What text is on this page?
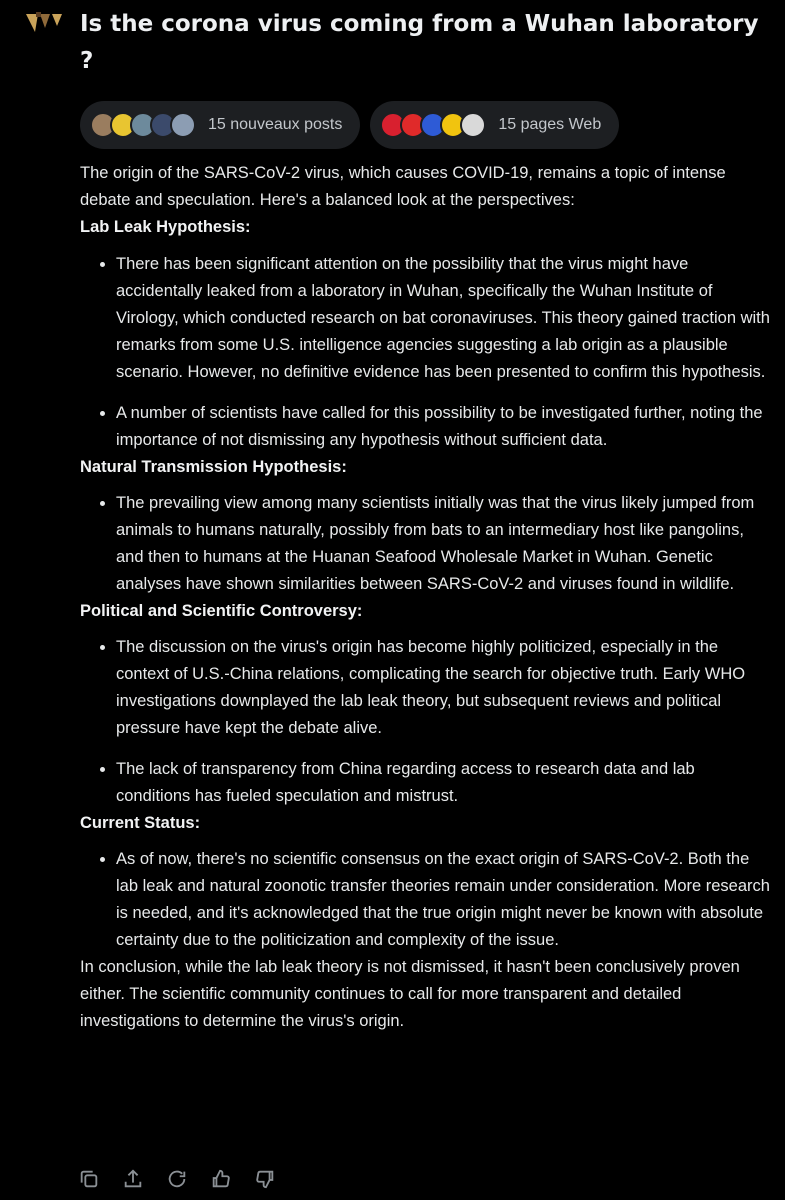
Is the corona virus coming from a Wuhan laboratory ?
15 nouveaux posts	15 pages Web

The origin of the SARS-CoV-2 virus, which causes COVID-19, remains a topic of intense debate and speculation. Here's a balanced look at the perspectives:

Lab Leak Hypothesis:
• There has been significant attention on the possibility that the virus might have accidentally leaked from a laboratory in Wuhan, specifically the Wuhan Institute of Virology, which conducted research on bat coronaviruses. This theory gained traction with remarks from some U.S. intelligence agencies suggesting a lab origin as a plausible scenario. However, no definitive evidence has been presented to confirm this hypothesis.
• A number of scientists have called for this possibility to be investigated further, noting the importance of not dismissing any hypothesis without sufficient data.
Natural Transmission Hypothesis:
• The prevailing view among many scientists initially was that the virus likely jumped from animals to humans naturally, possibly from bats to an intermediary host like pangolins, and then to humans at the Huanan Seafood Wholesale Market in Wuhan. Genetic analyses have shown similarities between SARS-CoV-2 and viruses found in wildlife.
Political and Scientific Controversy:
• The discussion on the virus's origin has become highly politicized, especially in the context of U.S.-China relations, complicating the search for objective truth. Early WHO investigations downplayed the lab leak theory, but subsequent reviews and political pressure have kept the debate alive.
• The lack of transparency from China regarding access to research data and lab conditions has fueled speculation and mistrust.
Current Status:
• As of now, there's no scientific consensus on the exact origin of SARS-CoV-2. Both the lab leak and natural zoonotic transfer theories remain under consideration. More research is needed, and it's acknowledged that the true origin might never be known with absolute certainty due to the politicization and complexity of the issue.

In conclusion, while the lab leak theory is not dismissed, it hasn't been conclusively proven either. The scientific community continues to call for more transparent and detailed investigations to determine the virus's origin.
